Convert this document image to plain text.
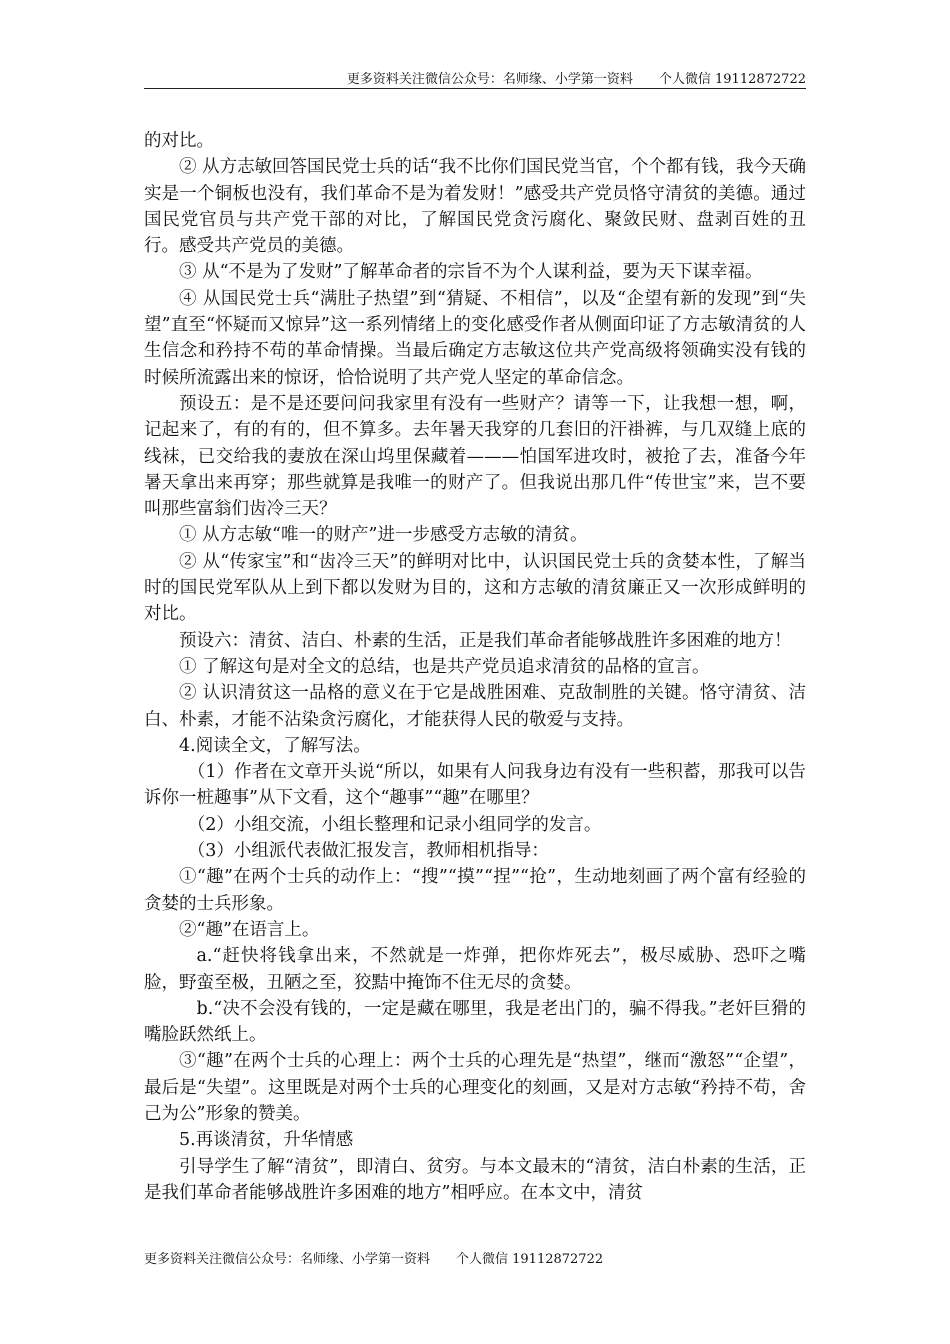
更多资料关注微信公众号：名师缘、小学第一资料　　个人微信 19112872722

的对比。

② 从方志敏回答国民党士兵的话“我不比你们国民党当官，个个都有钱，我今天确实是一个铜板也没有，我们革命不是为着发财！”感受共产党员恪守清贫的美德。通过国民党官员与共产党干部的对比，了解国民党贪污腐化、聚敛民财、盘剥百姓的丑行。感受共产党员的美德。

③ 从“不是为了发财”了解革命者的宗旨不为个人谋利益，要为天下谋幸福。

④ 从国民党士兵“满肚子热望”到“猜疑、不相信”，以及“企望有新的发现”到“失望”直至“怀疑而又惊异”这一系列情绪上的变化感受作者从侧面印证了方志敏清贫的人生信念和矜持不苟的革命情操。当最后确定方志敏这位共产党高级将领确实没有钱的时候所流露出来的惊讶，恰恰说明了共产党人坚定的革命信念。

预设五：是不是还要问问我家里有没有一些财产？请等一下，让我想一想，啊，记起来了，有的有的，但不算多。去年暑天我穿的几套旧的汗褂裤，与几双缝上底的线袜，已交给我的妻放在深山坞里保藏着———怕国军进攻时，被抢了去，准备今年暑天拿出来再穿；那些就算是我唯一的财产了。但我说出那几件“传世宝”来，岂不要叫那些富翁们齿冷三天？

① 从方志敏“唯一的财产”进一步感受方志敏的清贫。

② 从“传家宝”和“齿冷三天”的鲜明对比中，认识国民党士兵的贪婪本性，了解当时的国民党军队从上到下都以发财为目的，这和方志敏的清贫廉正又一次形成鲜明的对比。

预设六：清贫、洁白、朴素的生活，正是我们革命者能够战胜许多困难的地方！

① 了解这句是对全文的总结，也是共产党员追求清贫的品格的宣言。

② 认识清贫这一品格的意义在于它是战胜困难、克敌制胜的关键。恪守清贫、洁白、朴素，才能不沾染贪污腐化，才能获得人民的敬爱与支持。

4.阅读全文，了解写法。

（1）作者在文章开头说“所以，如果有人问我身边有没有一些积蓄，那我可以告诉你一桩趣事”从下文看，这个“趣事”“趣”在哪里？

（2）小组交流，小组长整理和记录小组同学的发言。

（3）小组派代表做汇报发言，教师相机指导：

①“趣”在两个士兵的动作上：“搜”“摸”“捏”“抢”，生动地刻画了两个富有经验的贪婪的士兵形象。

②“趣”在语言上。

a.“赶快将钱拿出来，不然就是一炸弹，把你炸死去”，极尽威胁、恐吓之嘴脸，野蛮至极，丑陋之至，狡黠中掩饰不住无尽的贪婪。

b.“决不会没有钱的，一定是藏在哪里，我是老出门的，骗不得我。”老奸巨猾的嘴脸跃然纸上。

③“趣”在两个士兵的心理上：两个士兵的心理先是“热望”，继而“激怒”“企望”，最后是“失望”。这里既是对两个士兵的心理变化的刻画，又是对方志敏“矜持不苟，舍己为公”形象的赞美。

5.再谈清贫，升华情感

引导学生了解“清贫”，即清白、贫穷。与本文最末的“清贫，洁白朴素的生活，正是我们革命者能够战胜许多困难的地方”相呼应。在本文中，清贫

更多资料关注微信公众号：名师缘、小学第一资料　　个人微信 19112872722
